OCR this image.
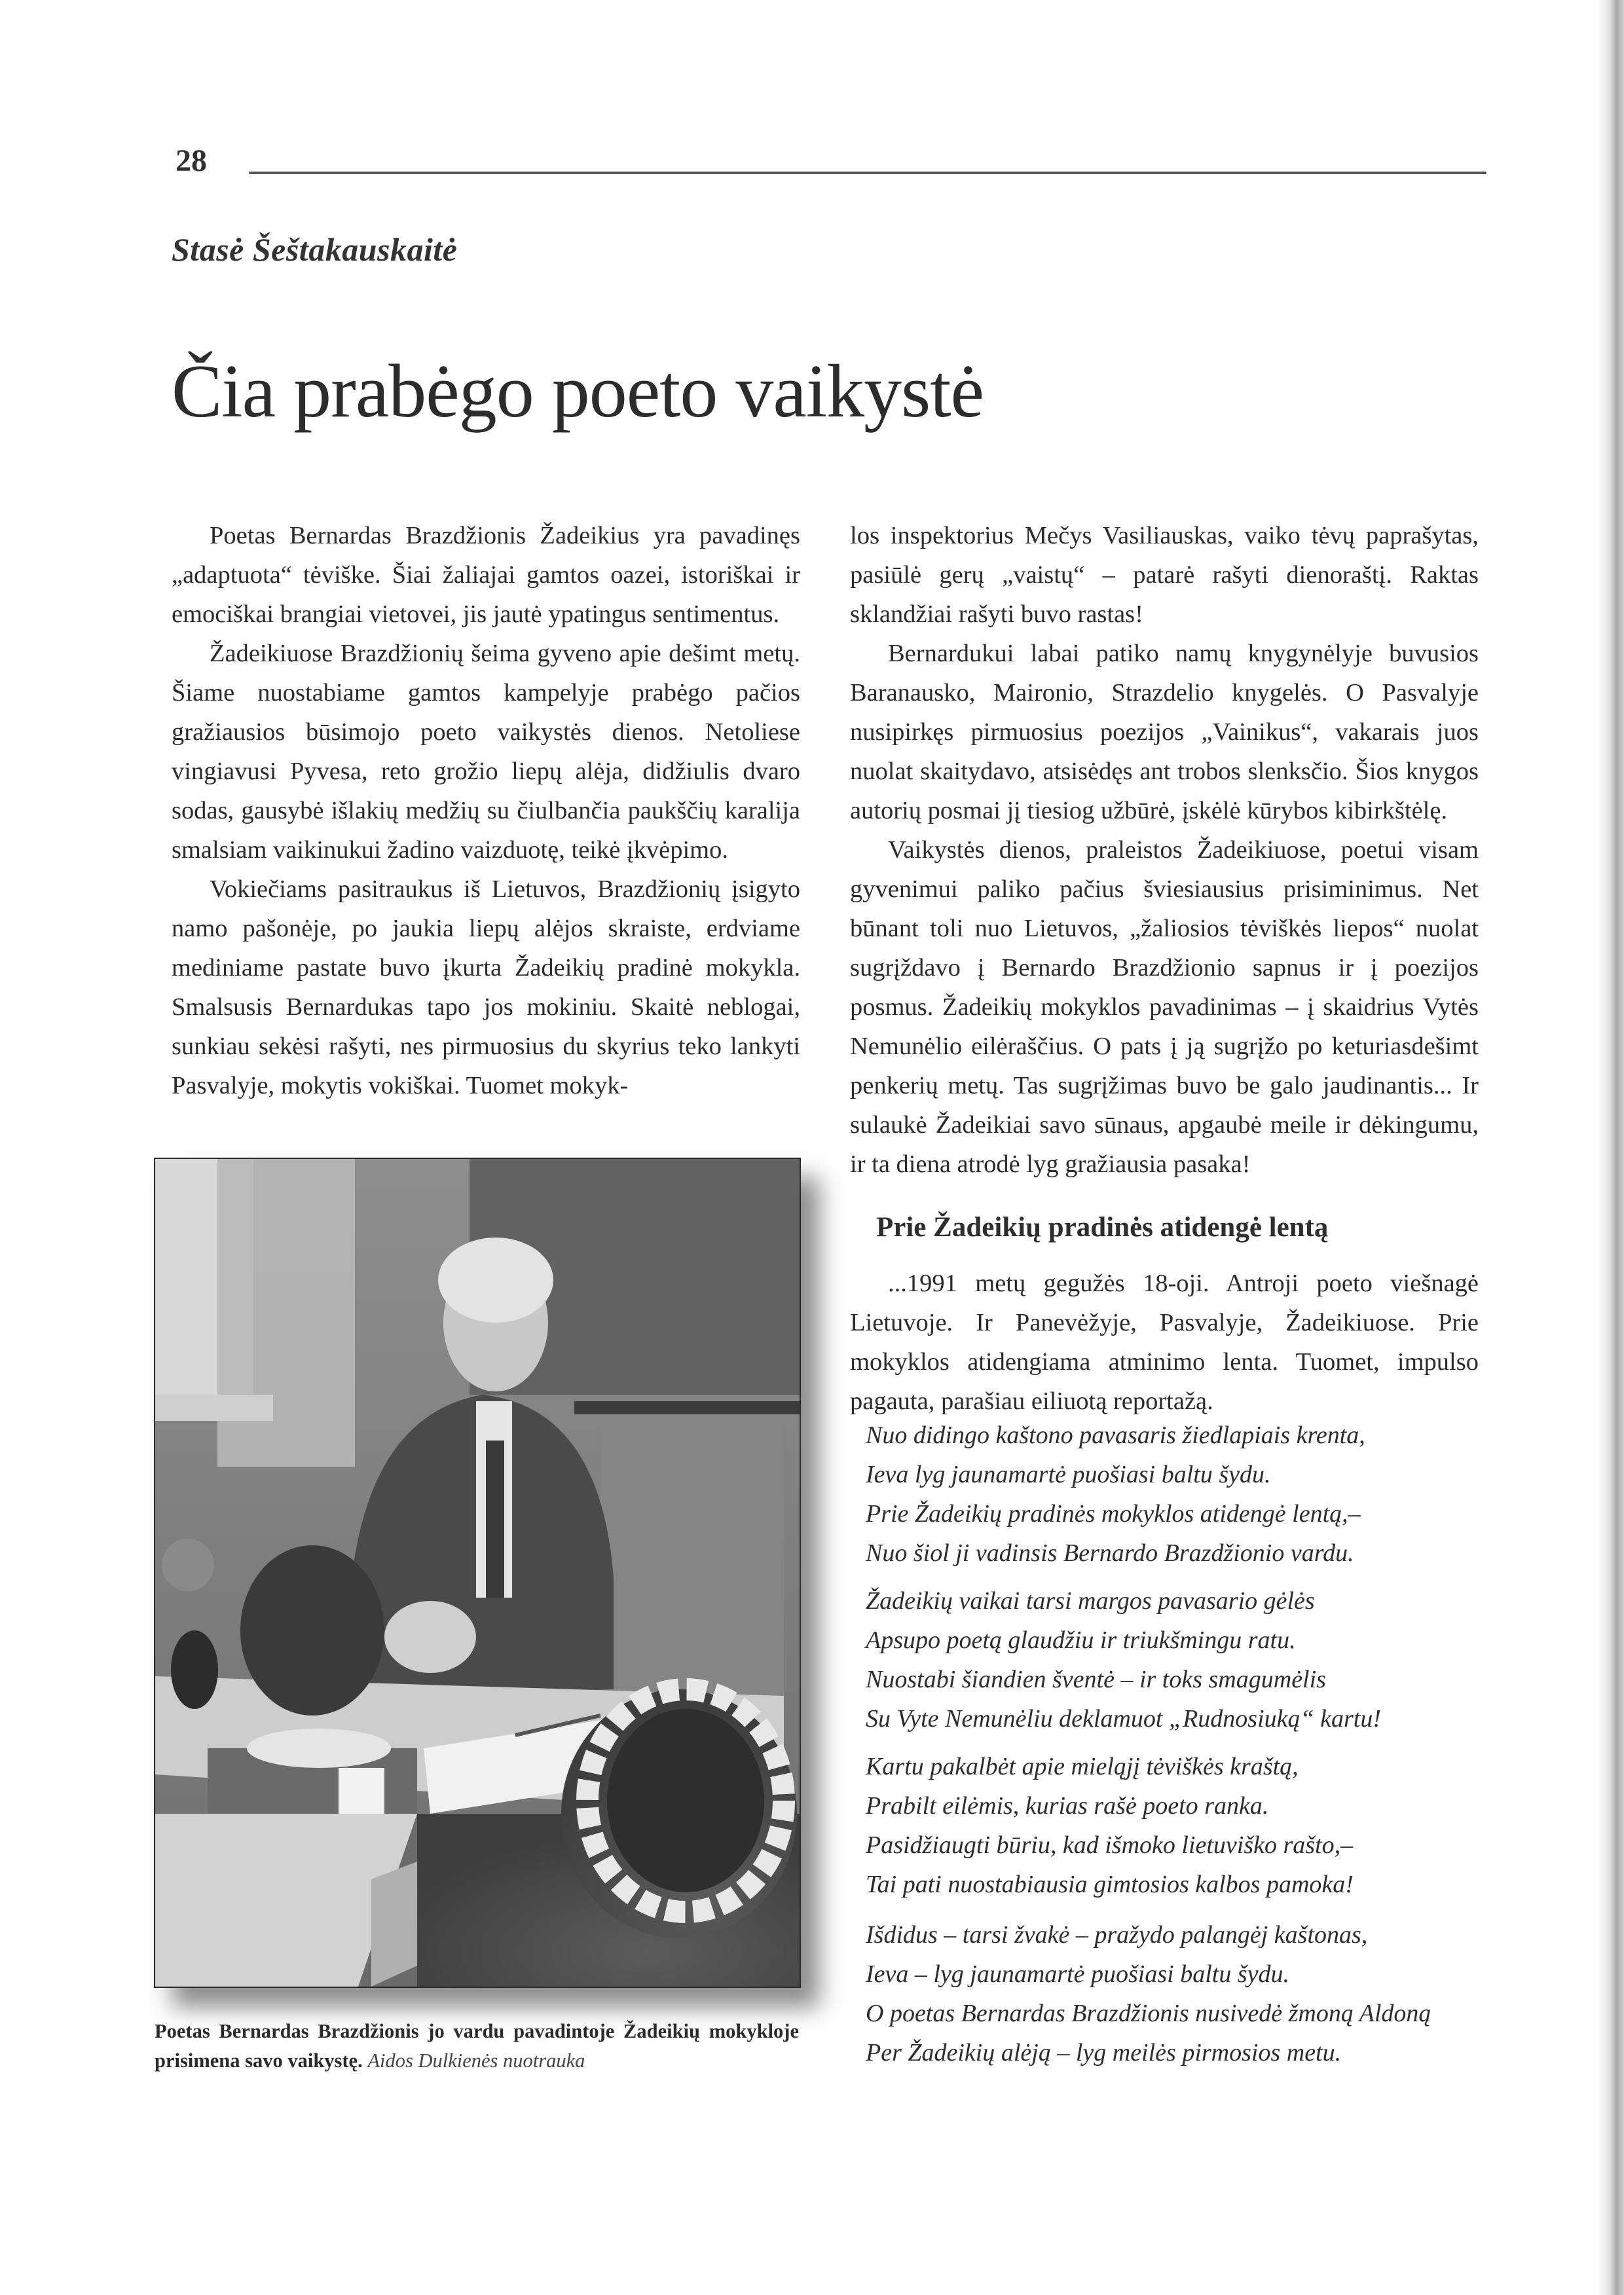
28
Stasė Šeštakauskaitė
Čia prabėgo poeto vaikystė

Poetas Bernardas Brazdžionis Žadeikius yra pavadinęs „adaptuota“ tėviške. Šiai žaliajai gamtos oazei, istoriškai ir emociškai brangiai vietovei, jis jautė ypatingus sentimentus.

Žadeikiuose Brazdžionių šeima gyveno apie dešimt metų. Šiame nuostabiame gamtos kampelyje prabėgo pačios gražiausios būsimojo poeto vaikystės dienos. Netoliese vingiavusi Pyvesa, reto grožio liepų alėja, didžiulis dvaro sodas, gausybė išlakių medžių su čiulbančia paukščių karalija smalsiam vaikinukui žadino vaizduotę, teikė įkvėpimo.

Vokiečiams pasitraukus iš Lietuvos, Brazdžionių įsigyto namo pašonėje, po jaukia liepų alėjos skraiste, erdviame mediniame pastate buvo įkurta Žadeikių pradinė mokykla. Smalsusis Bernardukas tapo jos mokiniu. Skaitė neblogai, sunkiau sekėsi rašyti, nes pirmuosius du skyrius teko lankyti Pasvalyje, mokytis vokiškai. Tuomet mokyk-

los inspektorius Mečys Vasiliauskas, vaiko tėvų paprašytas, pasiūlė gerų „vaistų“ – patarė rašyti dienoraštį. Raktas sklandžiai rašyti buvo rastas!

Bernardukui labai patiko namų knygynėlyje buvusios Baranausko, Maironio, Strazdelio knygelės. O Pasvalyje nusipirkęs pirmuosius poezijos „Vainikus“, vakarais juos nuolat skaitydavo, atsisėdęs ant trobos slenksčio. Šios knygos autorių posmai jį tiesiog užbūrė, įskėlė kūrybos kibirkštėlę.

Vaikystės dienos, praleistos Žadeikiuose, poetui visam gyvenimui paliko pačius šviesiausius prisiminimus. Net būnant toli nuo Lietuvos, „žaliosios tėviškės liepos“ nuolat sugrįždavo į Bernardo Brazdžionio sapnus ir į poezijos posmus. Žadeikių mokyklos pavadinimas – į skaidrius Vytės Nemunėlio eilėraščius. O pats į ją sugrįžo po keturiasdešimt penkerių metų. Tas sugrįžimas buvo be galo jaudinantis... Ir sulaukė Žadeikiai savo sūnaus, apgaubė meile ir dėkingumu, ir ta diena atrodė lyg gražiausia pasaka!

Poetas Bernardas Brazdžionis jo vardu pavadintoje Žadeikių mokykloje prisimena savo vaikystę. Aidos Dulkienės nuotrauka
Prie Žadeikių pradinės atidengė lentą

...1991 metų gegužės 18-oji. Antroji poeto viešnagė Lietuvoje. Ir Panevėžyje, Pasvalyje, Žadeikiuose. Prie mokyklos atidengiama atminimo lenta. Tuomet, impulso pagauta, parašiau eiliuotą reportažą.

Nuo didingo kaštono pavasaris žiedlapiais krenta,
Ieva lyg jaunamartė puošiasi baltu šydu.
Prie Žadeikių pradinės mokyklos atidengė lentą,–
Nuo šiol ji vadinsis Bernardo Brazdžionio vardu.
Žadeikių vaikai tarsi margos pavasario gėlės
Apsupo poetą glaudžiu ir triukšmingu ratu.
Nuostabi šiandien šventė – ir toks smagumėlis
Su Vyte Nemunėliu deklamuot „Rudnosiuką“ kartu!
Kartu pakalbėt apie mieląjį tėviškės kraštą,
Prabilt eilėmis, kurias rašė poeto ranka.
Pasidžiaugti būriu, kad išmoko lietuviško rašto,–
Tai pati nuostabiausia gimtosios kalbos pamoka!
Išdidus – tarsi žvakė – pražydo palangėj kaštonas,
Ieva – lyg jaunamartė puošiasi baltu šydu.
O poetas Bernardas Brazdžionis nusivedė žmoną Aldoną
Per Žadeikių alėją – lyg meilės pirmosios metu.
